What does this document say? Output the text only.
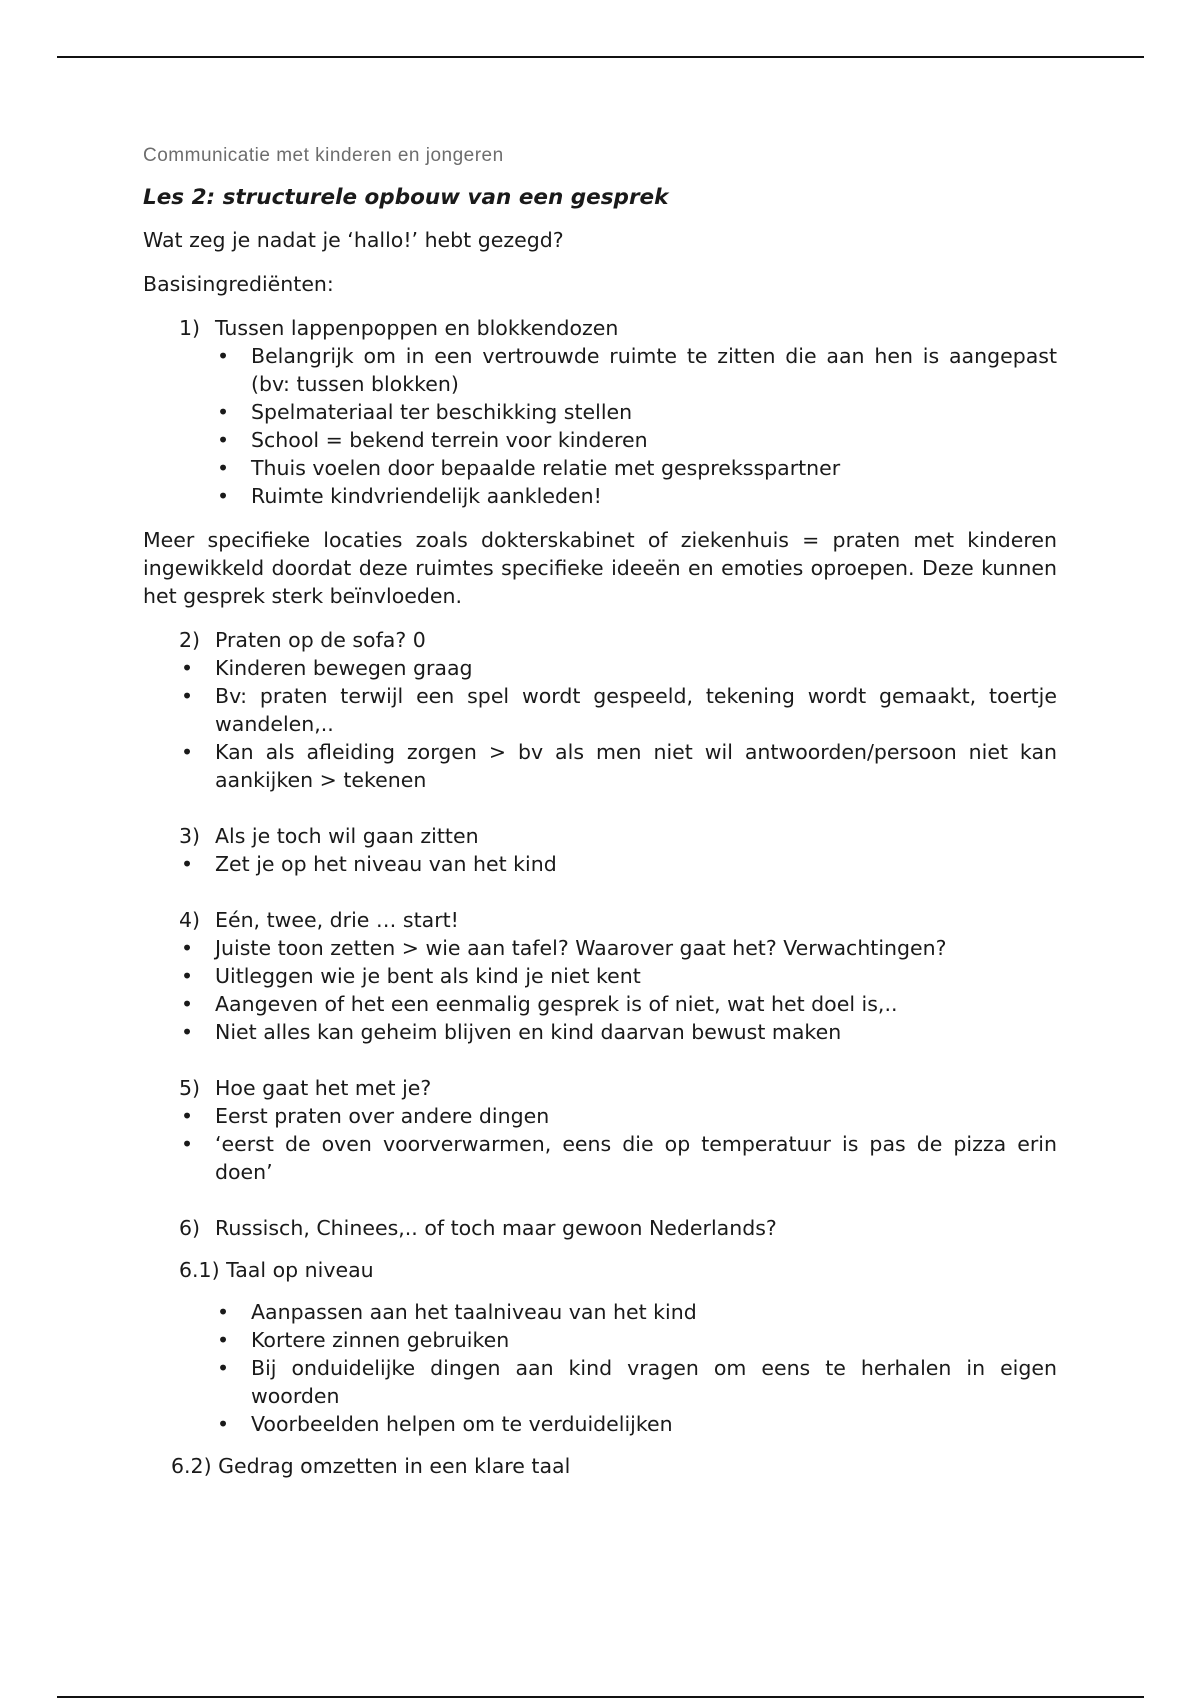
Communicatie met kinderen en jongeren
Les 2: structurele opbouw van een gesprek

Wat zeg je nadat je ‘hallo!’ hebt gezegd?

Basisingrediënten:

1) Tussen lappenpoppen en blokkendozen
• Belangrijk om in een vertrouwde ruimte te zitten die aan hen is aangepast (bv: tussen blokken)
• Spelmateriaal ter beschikking stellen
• School = bekend terrein voor kinderen
• Thuis voelen door bepaalde relatie met gespreksspartner
• Ruimte kindvriendelijk aankleden!

Meer specifieke locaties zoals dokterskabinet of ziekenhuis = praten met kinderen ingewikkeld doordat deze ruimtes specifieke ideeën en emoties oproepen. Deze kunnen het gesprek sterk beïnvloeden.

2) Praten op de sofa? 0
• Kinderen bewegen graag
• Bv: praten terwijl een spel wordt gespeeld, tekening wordt gemaakt, toertje wandelen,..
• Kan als afleiding zorgen > bv als men niet wil antwoorden/persoon niet kan aankijken > tekenen
3) Als je toch wil gaan zitten
• Zet je op het niveau van het kind
4) Eén, twee, drie … start!
• Juiste toon zetten > wie aan tafel? Waarover gaat het? Verwachtingen?
• Uitleggen wie je bent als kind je niet kent
• Aangeven of het een eenmalig gesprek is of niet, wat het doel is,..
• Niet alles kan geheim blijven en kind daarvan bewust maken
5) Hoe gaat het met je?
• Eerst praten over andere dingen
• ‘eerst de oven voorverwarmen, eens die op temperatuur is pas de pizza erin doen’
6) Russisch, Chinees,.. of toch maar gewoon Nederlands?
6.1) Taal op niveau
• Aanpassen aan het taalniveau van het kind
• Kortere zinnen gebruiken
• Bij onduidelijke dingen aan kind vragen om eens te herhalen in eigen woorden
• Voorbeelden helpen om te verduidelijken
6.2) Gedrag omzetten in een klare taal
